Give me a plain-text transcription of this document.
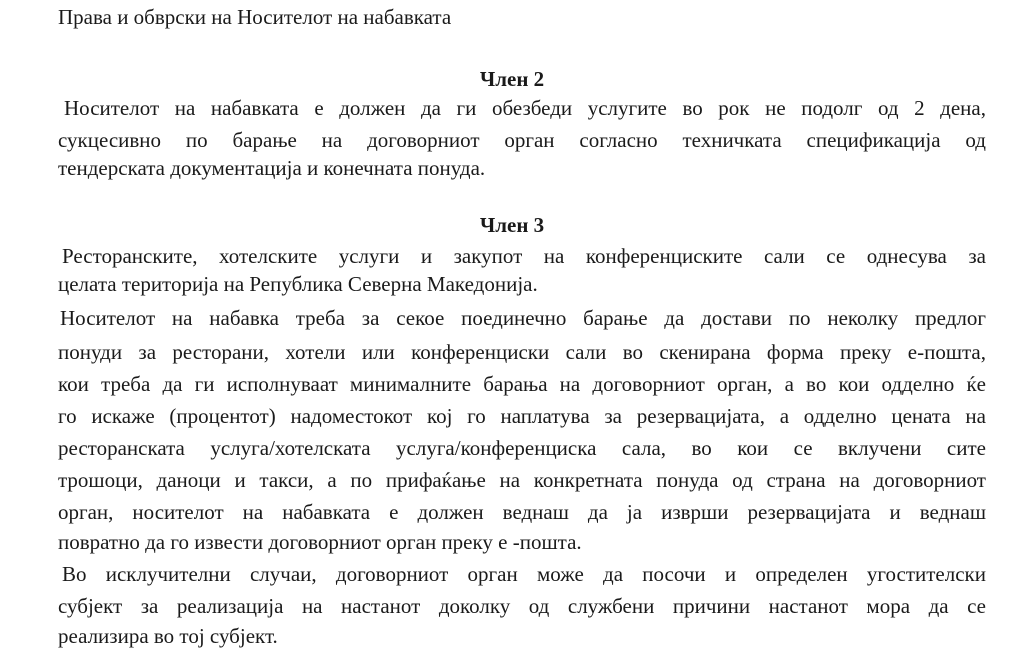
Права и обврски на Носителот на набавката
Член 2
Носителот на набавката е должен да ги обезбеди услугите во рок не подолг од 2 дена,
сукцесивно по барање на договорниот орган согласно техничката спецификација од
тендерската документација и конечната понуда.
Член 3
Ресторанските, хотелските услуги и закупот на конференциските сали се однесува за
целата територија на Република Северна Македонија.
Носителот на набавка треба за секое поединечно барање да достави по неколку предлог
понуди за ресторани, хотели или конференциски сали во скенирана форма преку е-пошта,
кои треба да ги исполнуваат минималните барања на договорниот орган, а во кои одделно ќе
го искаже (процентот) надоместокот кој го наплатува за резервацијата, а одделно цената на
ресторанската услуга/хотелската услуга/конференциска сала, во кои се вклучени сите
трошоци, даноци и такси, а по прифаќање на конкретната понуда од страна на договорниот
орган, носителот на набавката е должен веднаш да ја изврши резервацијата и веднаш
повратно да го извести договорниот орган преку е -пошта.
Во исклучителни случаи, договорниот орган може да посочи и определен угостителски
субјект за реализација на настанот доколку од службени причини настанот мора да се
реализира во тој субјект.
